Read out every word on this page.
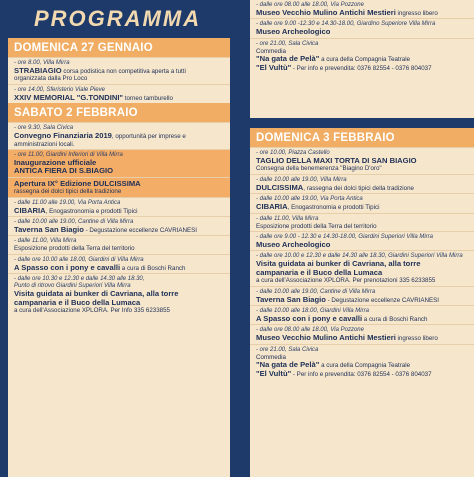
PROGRAMMA
DOMENICA 27 GENNAIO
- ore 8.00, Villa Mirra
STRABIAGIO corsa podistica non competitiva aperta a tutti
organizzata dalla Pro Loco
- ore 14.00, Sferisterio Viale Pieve
XXIV MEMORIAL "G.TONDINI" torneo tamburello
SABATO 2 FEBBRAIO
- ore 9.30, Sala Civica
Convegno Finanziaria 2019, opportunità per imprese e
amministrazioni locali.
- ore 11.00, Giardini Inferiori di Villa Mirra
Inaugurazione ufficiale
ANTICA FIERA DI S.BIAGIO
Apertura IX° Edizione DULCISSIMA
rassegna dei dolci tipici della tradizione
- dalle 11.00 alle 19.00, Via Porta Antica
CIBARIA, Enogastronomia e prodotti Tipici
- dalle 10.00 alle 19.00, Cantine di Villa Mirra
Taverna San Biagio - Degustazione eccellenze CAVRIANESI
- dalle 11.00, Villa Mirra
Esposizione prodotti della Terra del territorio
- dalle ore 10.00 alle 18.00, Giardini di Villa Mirra
A Spasso con i pony e cavalli a cura di Boschi Ranch
- dalle ore 10.30 e 12.30 e dalle 14.30 alle 18.30,
Punto di ritrovo Giardini Superiori Villa Mirra
Visita guidata ai bunker di Cavriana, alla torre
campanaria e il Buco della Lumaca
a cura dell'Associazione XPLORA. Per Info 335 6233855
- dalle ore 08.00 alle 18.00, Via Pozzone
Museo Vecchio Mulino Antichi Mestieri ingresso libero
- dalle ore 9.00 -12.30 e 14.30-18.00, Giardino Superiore Villa Mirra
Museo Archeologico
- ore 21.00, Sala Civica
Commedia
"Na gata de Pelà" a cura della Compagnia Teatrale
"El Vultù" - Per info e prevendita: 0376 82554 - 0376 804037
DOMENICA 3 FEBBRAIO
- ore 10.00, Piazza Castello
TAGLIO DELLA MAXI TORTA DI SAN BIAGIO
Consegna della benemerenza "Biagino D'oro"
- dalle 10.00 alle 19.00, Villa Mirra
DULCISSIMA, rassegna dei dolci tipici della tradizione
- dalle 10.00 alle 19.00, Via Porta Antica
CIBARIA, Enogastronomia e prodotti Tipici
- dalle 11.00, Villa Mirra
Esposizione prodotti della Terra del territorio
- dalle ore 9.00 - 12.30 e 14.30-18.00, Giardini Superiori Villa Mirra
Museo Archeologico
- dalle ore 10.00 e 12.30 e dalle 14.30 alle 18.30, Giardini Superiori Villa Mirra
Visita guidata ai bunker di Cavriana, alla torre
campanaria e il Buco della Lumaca
a cura dell'Associazione XPLORA. Per prenotazioni 335 6233855
- dalle 10.00 alle 19.00, Cantine di Villa Mirra
Taverna San Biagio - Degustazione eccellenze CAVRIANESI
- dalle 10.00 alle 18.00, Giardini Villa Mirra
A Spasso con i pony e cavalli a cura di Boschi Ranch
- dalle ore 08.00 alle 18.00, Via Pozzone
Museo Vecchio Mulino Antichi Mestieri ingresso libero
- ore 21.00, Sala Civica
Commedia
"Na gata de Pelà" a cura della Compagnia Teatrale
"El Vultù" - Per info e prevendita: 0376 82554 - 0376 804037
